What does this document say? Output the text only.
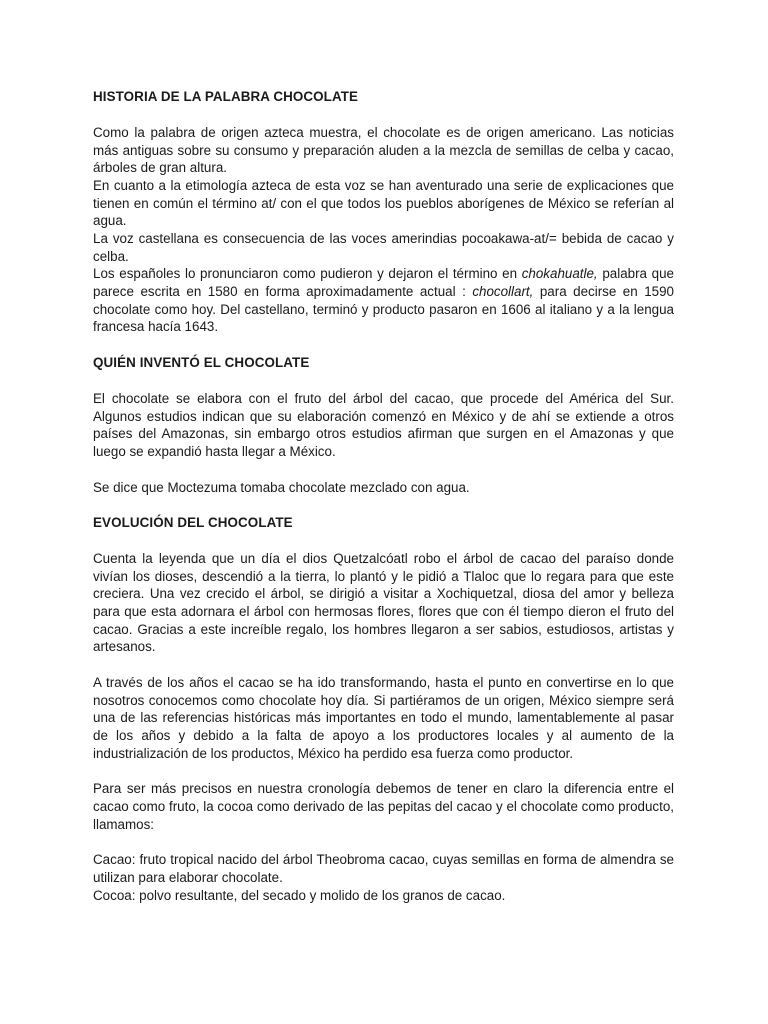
HISTORIA DE LA PALABRA CHOCOLATE

Como la palabra de origen azteca muestra, el chocolate es de origen americano. Las noticias más antiguas sobre su consumo y preparación aluden a la mezcla de semillas de celba y cacao, árboles de gran altura.

En cuanto a la etimología azteca de esta voz se han aventurado una serie de explicaciones que tienen en común el término at/ con el que todos los pueblos aborígenes de México se referían al agua.

La voz castellana es consecuencia de las voces amerindias pocoakawa-at/= bebida de cacao y celba.

Los españoles lo pronunciaron como pudieron y dejaron el término en chokahuatle, palabra que parece escrita en 1580 en forma aproximadamente actual : chocollart, para decirse en 1590 chocolate como hoy. Del castellano, terminó y producto pasaron en 1606 al italiano y a la lengua francesa hacía 1643.

QUIÉN INVENTÓ EL CHOCOLATE

El chocolate se elabora con el fruto del árbol del cacao, que procede del América del Sur. Algunos estudios indican que su elaboración comenzó en México y de ahí se extiende a otros países del Amazonas, sin embargo otros estudios afirman que surgen en el Amazonas y que luego se expandió hasta llegar a México.

Se dice que Moctezuma tomaba chocolate mezclado con agua.

EVOLUCIÓN DEL CHOCOLATE

Cuenta la leyenda que un día el dios Quetzalcóatl robo el árbol de cacao del paraíso donde vivían los dioses, descendió a la tierra, lo plantó y le pidió a Tlaloc que lo regara para que este creciera. Una vez crecido el árbol, se dirigió a visitar a Xochiquetzal, diosa del amor y belleza para que esta adornara el árbol con hermosas flores, flores que con él tiempo dieron el fruto del cacao. Gracias a este increíble regalo, los hombres llegaron a ser sabios, estudiosos, artistas y artesanos.

A través de los años el cacao se ha ido transformando, hasta el punto en convertirse en lo que nosotros conocemos como chocolate hoy día. Si partiéramos de un origen, México siempre será una de las referencias históricas más importantes en todo el mundo, lamentablemente al pasar de los años y debido a la falta de apoyo a los productores locales y al aumento de la industrialización de los productos, México ha perdido esa fuerza como productor.

Para ser más precisos en nuestra cronología debemos de tener en claro la diferencia entre el cacao como fruto, la cocoa como derivado de las pepitas del cacao y el chocolate como producto, llamamos:

Cacao: fruto tropical nacido del árbol Theobroma cacao, cuyas semillas en forma de almendra se utilizan para elaborar chocolate.

Cocoa: polvo resultante, del secado y molido de los granos de cacao.
